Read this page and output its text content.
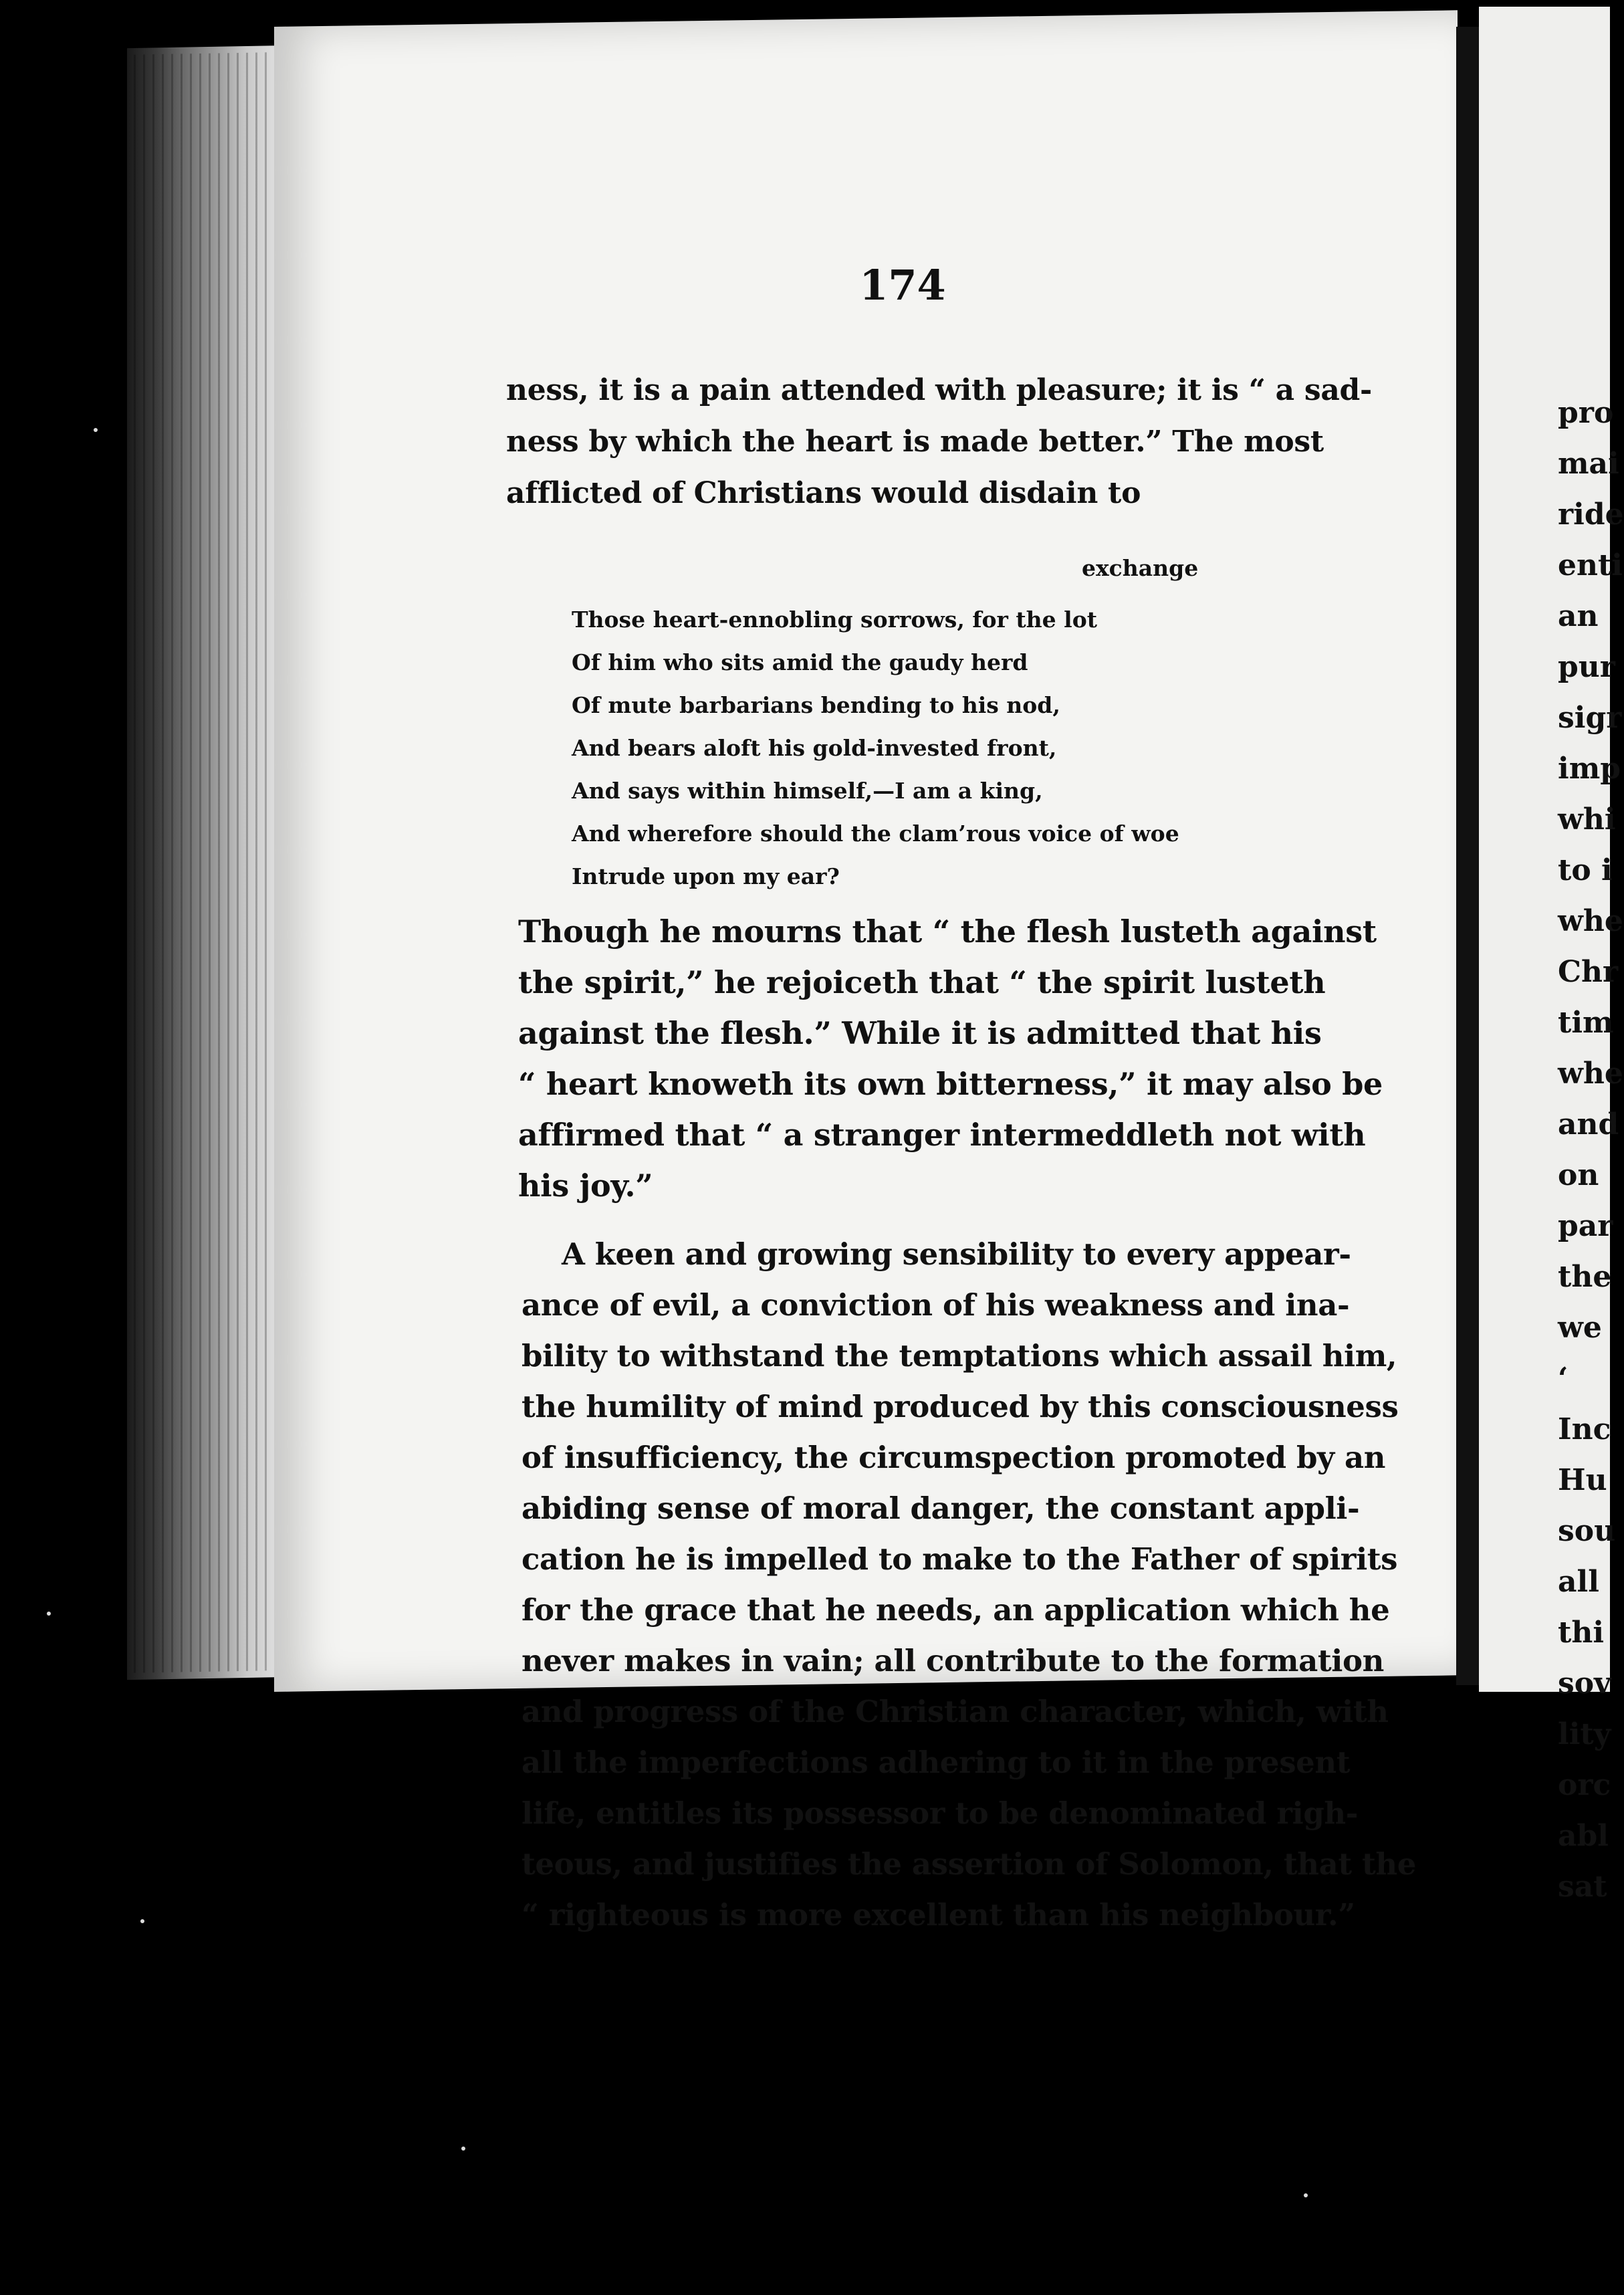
174
ness, it is a pain attended with pleasure; it is “ a sad-
ness by which the heart is made better.” The most
afflicted of Christians would disdain to
exchange
Those heart-ennobling sorrows, for the lot
Of him who sits amid the gaudy herd
Of mute barbarians bending to his nod,
And bears aloft his gold-invested front,
And says within himself,—I am a king,
And wherefore should the clam’rous voice of woe
Intrude upon my ear?
Though he mourns that “ the flesh lusteth against
the spirit,” he rejoiceth that “ the spirit lusteth
against the flesh.” While it is admitted that his
“ heart knoweth its own bitterness,” it may also be
affirmed that “ a stranger intermeddleth not with
his joy.”
A keen and growing sensibility to every appear-
ance of evil, a conviction of his weakness and ina-
bility to withstand the temptations which assail him,
the humility of mind produced by this consciousness
of insufficiency, the circumspection promoted by an
abiding sense of moral danger, the constant appli-
cation he is impelled to make to the Father of spirits
for the grace that he needs, an application which he
never makes in vain; all contribute to the formation
and progress of the Christian character, which, with
all the imperfections adhering to it in the present
life, entitles its possessor to be denominated righ-
teous, and justifies the assertion of Solomon, that the
“ righteous is more excellent than his neighbour.”
pro
mai
ride
enti
an
pur
sigr
imp
whi
to i
whe
Chr
tim
whe
and
on
par
the
we
‘
Inc
Hu
sou
all
thi
sov
lity
orc
abl
sat
